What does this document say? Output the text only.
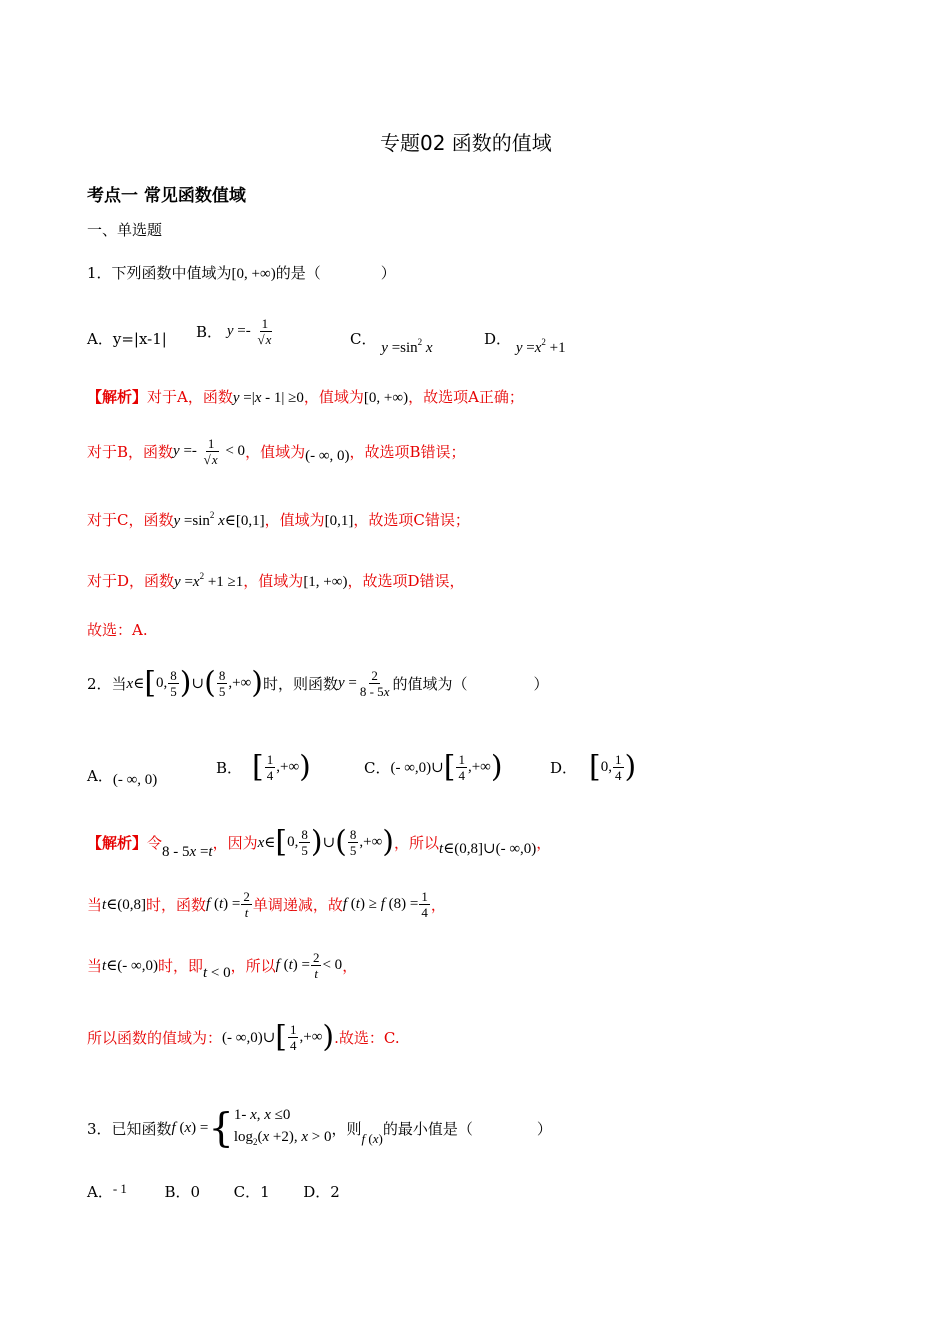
专题02 函数的值域
考点一 常见函数值域
一、单选题
1．下列函数中值域为[0, +∞)的是（	）
A．y=|x-1| B． $y =- \frac{1}{√x}$	C． $y =\sin^2$ x	D． $y =x^2 +1$
【解析】对于A，函数y =|x - 1| ≥0，值域为[0, +∞)，故选项A正确；
对于B，函数$y =- \frac{1}{√x} < 0$，值域为(- ∞, 0)，故选项B错误；
对于C，函数$y =\sin^2$ x∈[0,1]，值域为[0,1]，故选项C错误；
对于D，函数$y =x^2 +1 \ge 1$，值域为[1, +∞)，故选项D错误，
故选：A.
2．当x∈[0, $\frac{8}{5}$ )∪( $\frac{8}{5}$ ,+∞)时，则函数$y = \frac{2}{8 - 5x}$ 的值域为（	）
A．(- ∞, 0)
B． [ $\frac{1}{4}$ ,+∞)	C．(- ∞,0)∪[ $\frac{1}{4}$ ,+∞)	D． [0, $\frac{1}{4}$ )
【解析】令8 - 5x =t，因为x∈[0, $\frac{8}{5}$ )∪( $\frac{8}{5}$ ,+∞)，所以t∈(0,8]∪(- ∞,0)，
当t∈(0,8]时，函数f $(t) = \frac{2}{t}$ 单调递减，故f (t) ≥ f $(8) = \frac{1}{4}$ ，
当t∈(- ∞,0)时，即t < 0，所以f $(t) = \frac{2}{t} < 0$，
所以函数的值域为：(- ∞,0)∪[ $\frac{1}{4}$ ,+∞).故选：C.
3．已知函数f (x) ={ 1- x, x ≤0
$\log_2(x +2)$, x > 0 ，则f (x)的最小值是（	）
A．- 1	B．0 C．1 D．2
